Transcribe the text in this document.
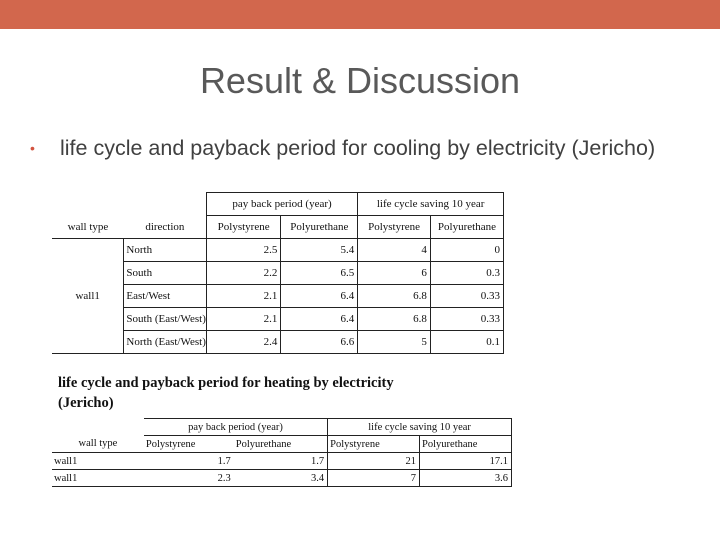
Result & Discussion
• life cycle and payback period for cooling by electricity (Jericho)
		pay back period (year)		life cycle saving 10 year	
wall type	direction	Polystyrene	Polyurethane	Polystyrene	Polyurethane
wall1	North	2.5	5.4	4	0
	South	2.2	6.5	6	0.3
	East/West	2.1	6.4	6.8	0.33
	South (East/West)	2.1	6.4	6.8	0.33
	North (East/West)	2.4	6.6	5	0.1
life cycle and payback period for heating by electricity (Jericho)
	pay back period (year)		life cycle saving 10 year	
wall type	Polystyrene	Polyurethane	Polystyrene	Polyurethane
wall1	1.7	1.7	21	17.1
wall1	2.3	3.4	7	3.6
